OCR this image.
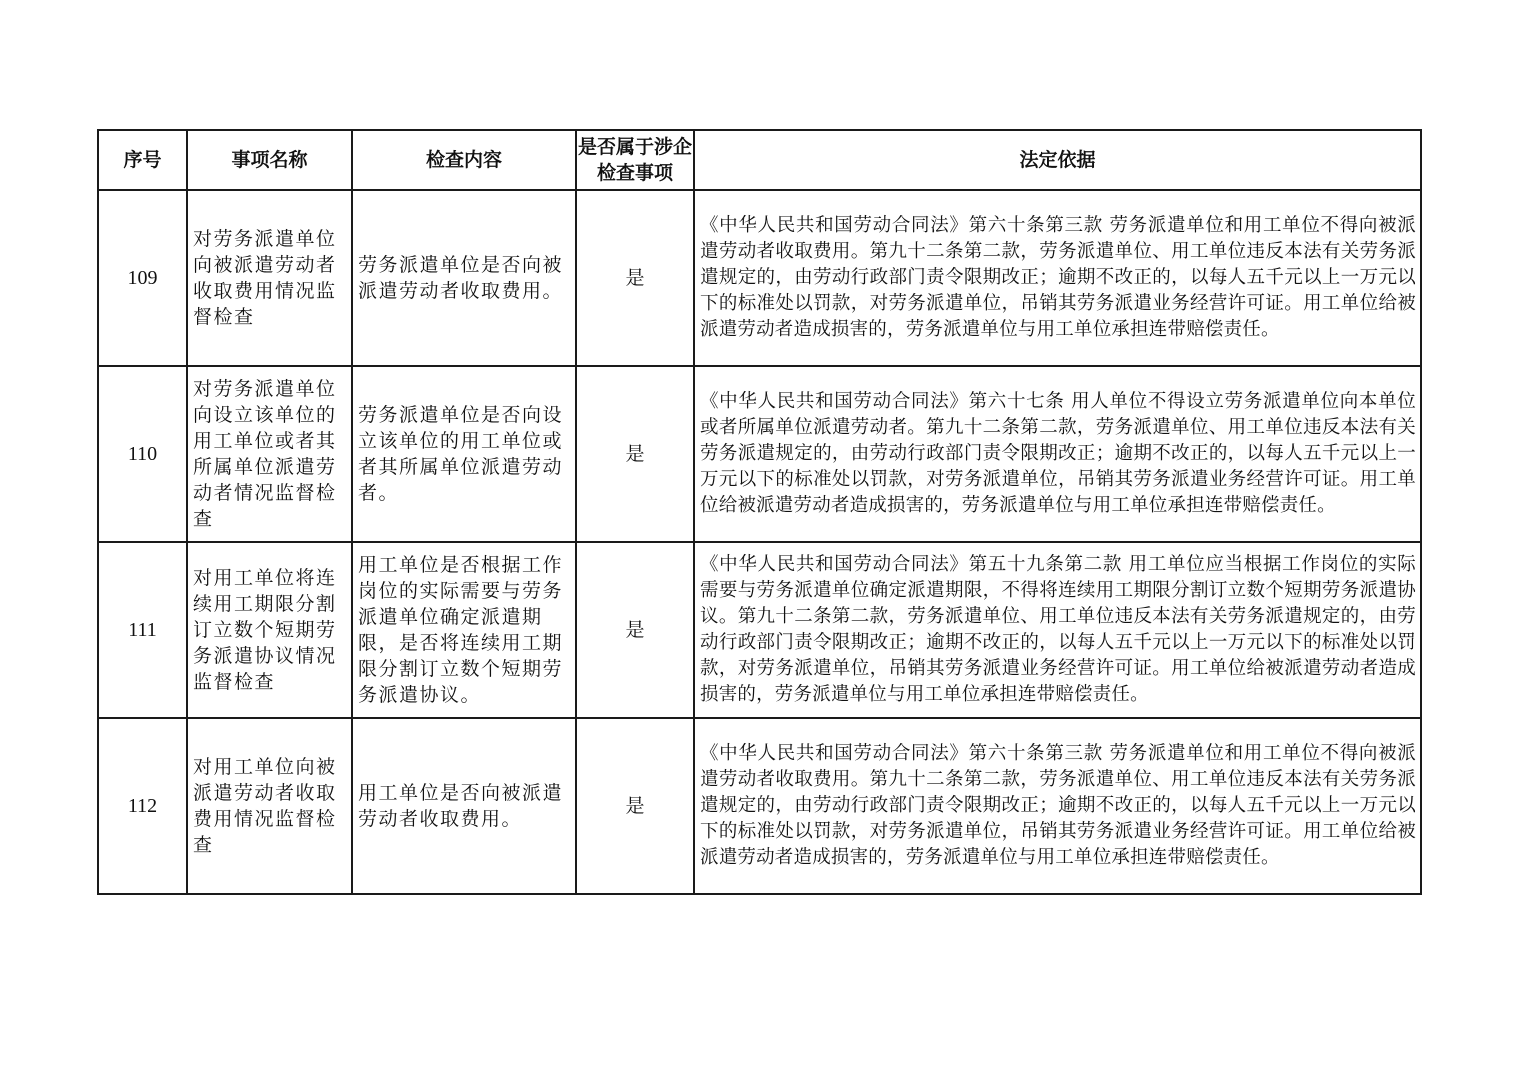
序号	事项名称	检查内容	是否属于涉企检查事项	法定依据
109	对劳务派遣单位向被派遣劳动者收取费用情况监督检查	劳务派遣单位是否向被派遣劳动者收取费用。	是	《中华人民共和国劳动合同法》第六十条第三款 劳务派遣单位和用工单位不得向被派遣劳动者收取费用。第九十二条第二款，劳务派遣单位、用工单位违反本法有关劳务派遣规定的，由劳动行政部门责令限期改正；逾期不改正的，以每人五千元以上一万元以下的标准处以罚款，对劳务派遣单位，吊销其劳务派遣业务经营许可证。用工单位给被派遣劳动者造成损害的，劳务派遣单位与用工单位承担连带赔偿责任。
110	对劳务派遣单位向设立该单位的用工单位或者其所属单位派遣劳动者情况监督检查	劳务派遣单位是否向设立该单位的用工单位或者其所属单位派遣劳动者。	是	《中华人民共和国劳动合同法》第六十七条 用人单位不得设立劳务派遣单位向本单位或者所属单位派遣劳动者。第九十二条第二款，劳务派遣单位、用工单位违反本法有关劳务派遣规定的，由劳动行政部门责令限期改正；逾期不改正的，以每人五千元以上一万元以下的标准处以罚款，对劳务派遣单位，吊销其劳务派遣业务经营许可证。用工单位给被派遣劳动者造成损害的，劳务派遣单位与用工单位承担连带赔偿责任。
111	对用工单位将连续用工期限分割订立数个短期劳务派遣协议情况监督检查	用工单位是否根据工作岗位的实际需要与劳务派遣单位确定派遣期限，是否将连续用工期限分割订立数个短期劳务派遣协议。	是	《中华人民共和国劳动合同法》第五十九条第二款 用工单位应当根据工作岗位的实际需要与劳务派遣单位确定派遣期限，不得将连续用工期限分割订立数个短期劳务派遣协议。第九十二条第二款，劳务派遣单位、用工单位违反本法有关劳务派遣规定的，由劳动行政部门责令限期改正；逾期不改正的，以每人五千元以上一万元以下的标准处以罚款，对劳务派遣单位，吊销其劳务派遣业务经营许可证。用工单位给被派遣劳动者造成损害的，劳务派遣单位与用工单位承担连带赔偿责任。
112	对用工单位向被派遣劳动者收取费用情况监督检查	用工单位是否向被派遣劳动者收取费用。	是	《中华人民共和国劳动合同法》第六十条第三款 劳务派遣单位和用工单位不得向被派遣劳动者收取费用。第九十二条第二款，劳务派遣单位、用工单位违反本法有关劳务派遣规定的，由劳动行政部门责令限期改正；逾期不改正的，以每人五千元以上一万元以下的标准处以罚款，对劳务派遣单位，吊销其劳务派遣业务经营许可证。用工单位给被派遣劳动者造成损害的，劳务派遣单位与用工单位承担连带赔偿责任。
